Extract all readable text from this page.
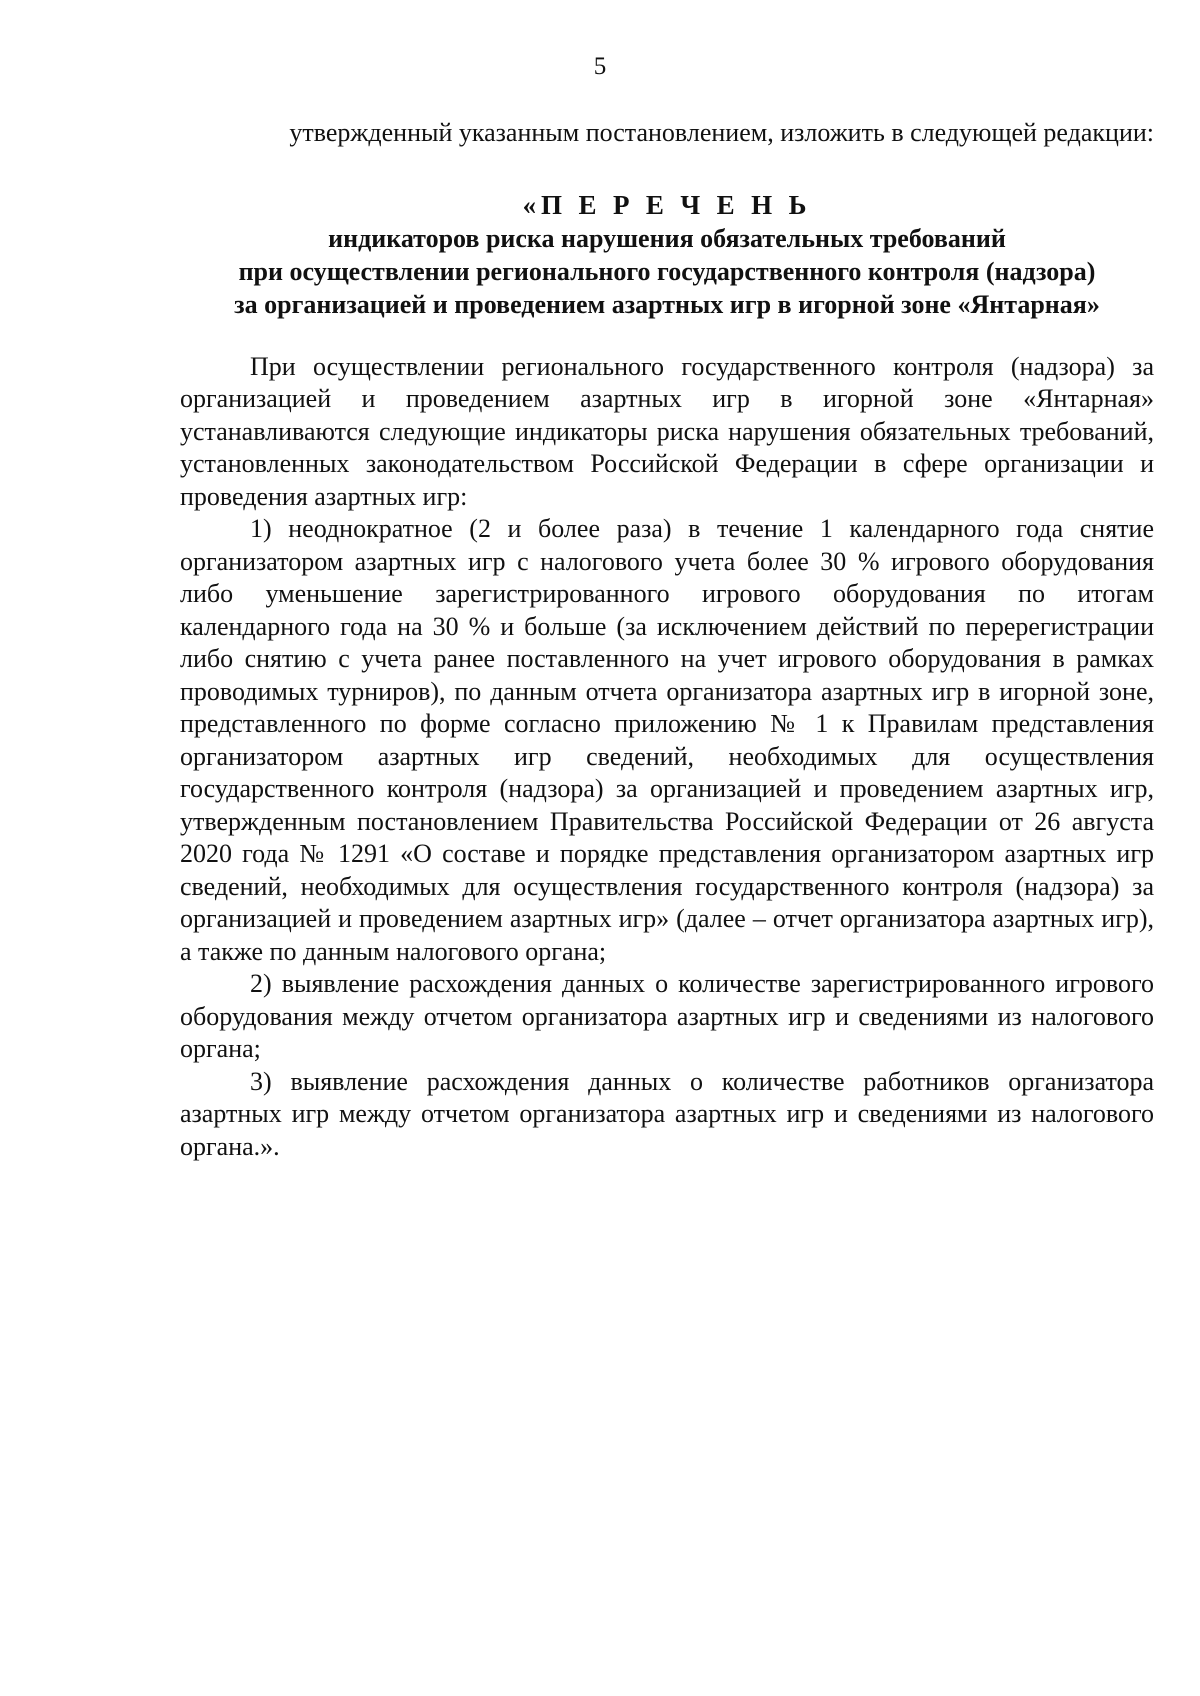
5

утвержденный указанным постановлением, изложить в следующей редакции:

«П Е Р Е Ч Е Н Ь
индикаторов риска нарушения обязательных требований
при осуществлении регионального государственного контроля (надзора)
за организацией и проведением азартных игр в игорной зоне «Янтарная»

При осуществлении регионального государственного контроля (надзора) за организацией и проведением азартных игр в игорной зоне «Янтарная» устанавливаются следующие индикаторы риска нарушения обязательных требований, установленных законодательством Российской Федерации в сфере организации и проведения азартных игр:

1) неоднократное (2 и более раза) в течение 1 календарного года снятие организатором азартных игр с налогового учета более 30 % игрового оборудования либо уменьшение зарегистрированного игрового оборудования по итогам календарного года на 30 % и больше (за исключением действий по перерегистрации либо снятию с учета ранее поставленного на учет игрового оборудования в рамках проводимых турниров), по данным отчета организатора азартных игр в игорной зоне, представленного по форме согласно приложению № 1 к Правилам представления организатором азартных игр сведений, необходимых для осуществления государственного контроля (надзора) за организацией и проведением азартных игр, утвержденным постановлением Правительства Российской Федерации от 26 августа 2020 года № 1291 «О составе и порядке представления организатором азартных игр сведений, необходимых для осуществления государственного контроля (надзора) за организацией и проведением азартных игр» (далее – отчет организатора азартных игр), а также по данным налогового органа;

2) выявление расхождения данных о количестве зарегистрированного игрового оборудования между отчетом организатора азартных игр и сведениями из налогового органа;

3) выявление расхождения данных о количестве работников организатора азартных игр между отчетом организатора азартных игр и сведениями из налогового органа.».
